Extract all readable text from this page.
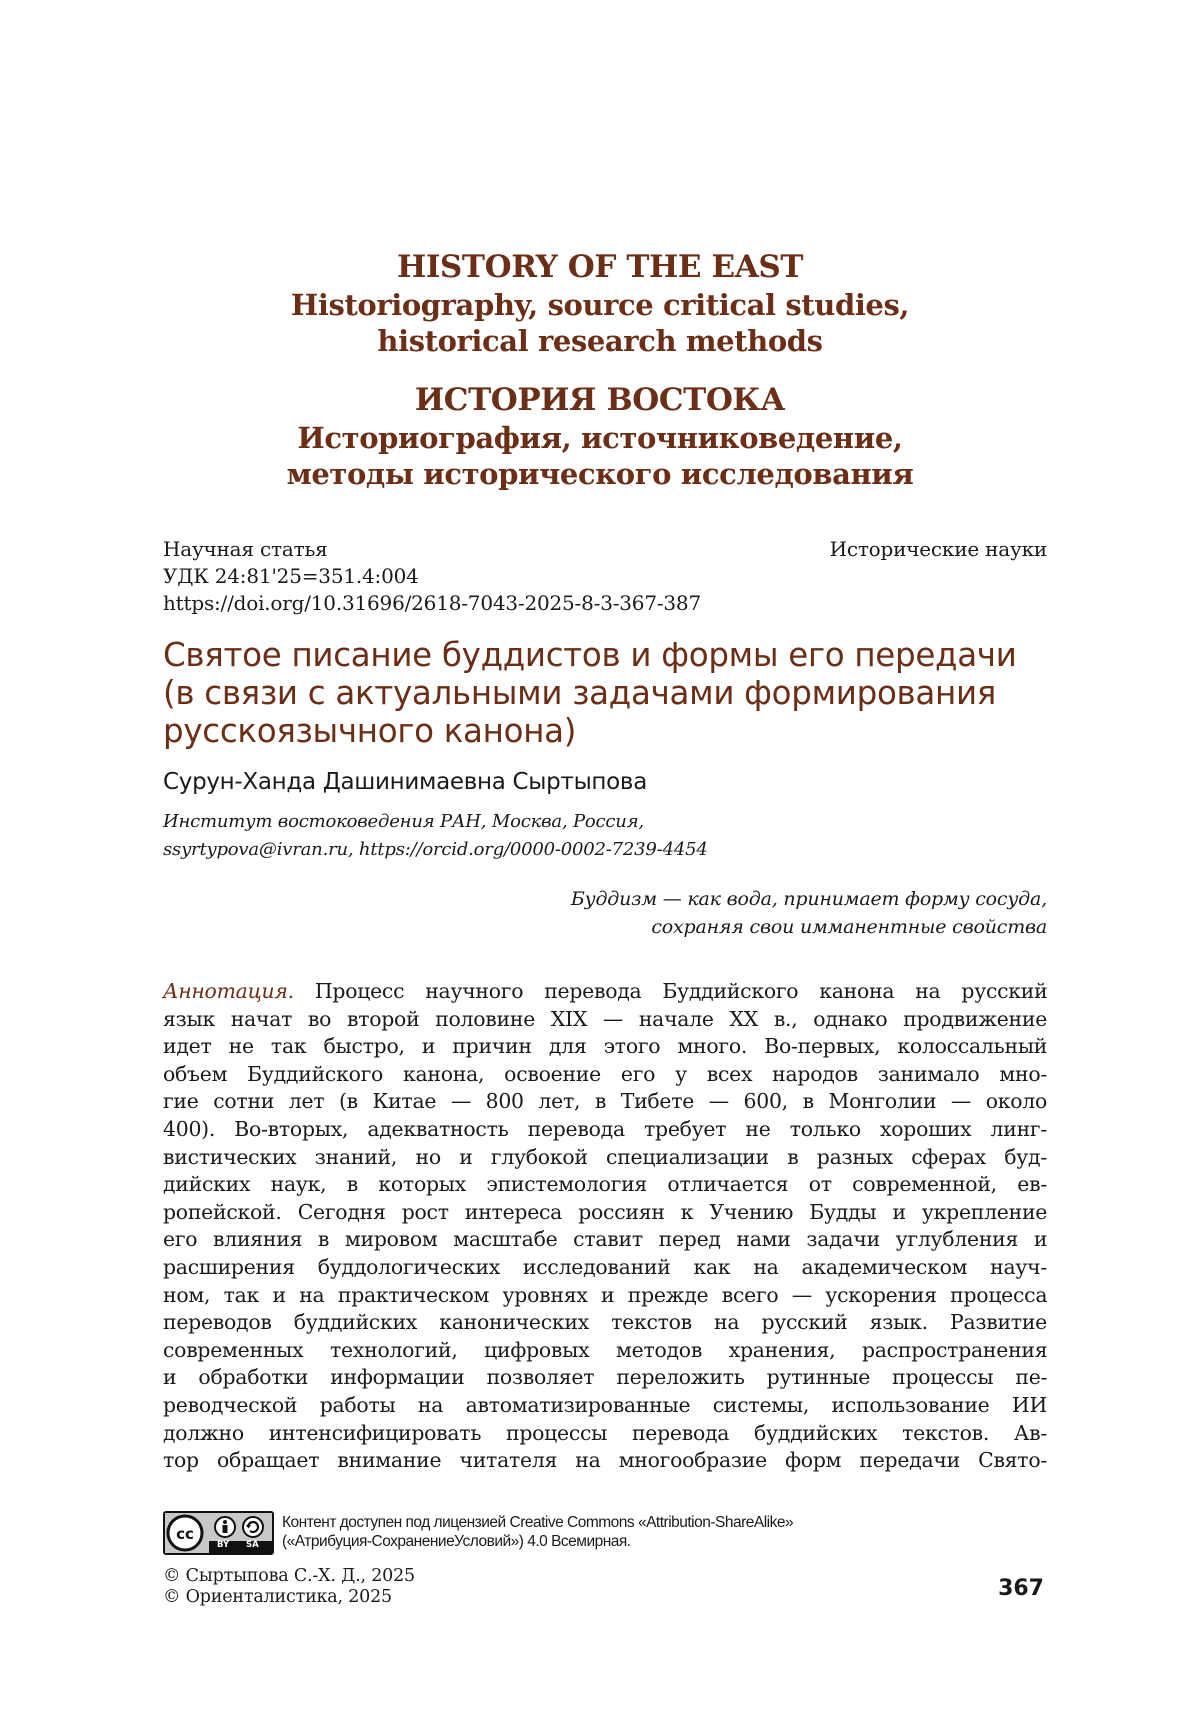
HISTORY OF THE EAST
Historiography, source critical studies,
historical research methods
ИСТОРИЯ ВОСТОКА
Историография, источниковедение,
методы исторического исследования
Научная статья	Исторические науки
УДК 24:81'25=351.4:004
https://doi.org/10.31696/2618-7043-2025-8-3-367-387
Святое писание буддистов и формы его передачи
(в связи с актуальными задачами формирования
русскоязычного канона)
Сурун-Ханда Дашинимаевна Сыртыпова
Институт востоковедения РАН, Москва, Россия,
ssyrtypova@ivran.ru, https://orcid.org/0000-0002-7239-4454
Буддизм — как вода, принимает форму сосуда,
сохраняя свои имманентные свойства
Аннотация. Процесс научного перевода Буддийского канона на русский
язык начат во второй половине XIX — начале XX в., однако продвижение
идет не так быстро, и причин для этого много. Во-первых, колоссальный
объем Буддийского канона, освоение его у всех народов занимало мно-
гие сотни лет (в Китае — 800 лет, в Тибете — 600, в Монголии — около
400). Во-вторых, адекватность перевода требует не только хороших линг-
вистических знаний, но и глубокой специализации в разных сферах буд-
дийских наук, в которых эпистемология отличается от современной, ев-
ропейской. Сегодня рост интереса россиян к Учению Будды и укрепление
его влияния в мировом масштабе ставит перед нами задачи углубления и
расширения буддологических исследований как на академическом науч-
ном, так и на практическом уровнях и прежде всего — ускорения процесса
переводов буддийских канонических текстов на русский язык. Развитие
современных технологий, цифровых методов хранения, распространения
и обработки информации позволяет переложить рутинные процессы пе-
реводческой работы на автоматизированные системы, использование ИИ
должно интенсифицировать процессы перевода буддийских текстов. Ав-
тор обращает внимание читателя на многообразие форм передачи Свято-
cc
BY SA
Контент доступен под лицензией Creative Commons «Attribution-ShareAlike»
(«Атрибуция-СохранениеУсловий») 4.0 Всемирная.
© Сыртыпова С.-Х. Д., 2025
© Ориенталистика, 2025	367
